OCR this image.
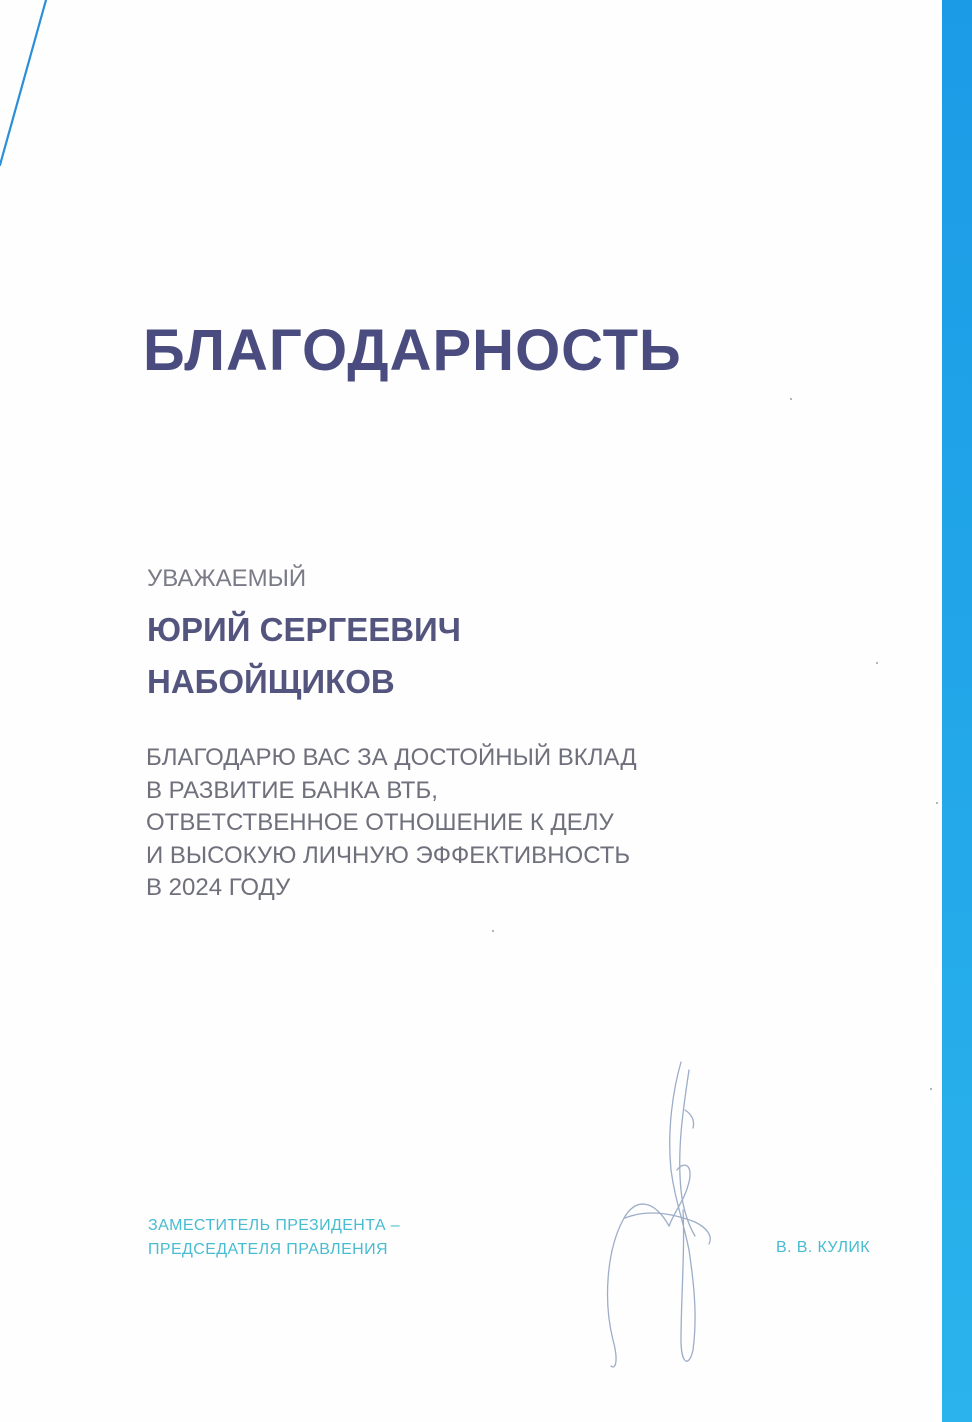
БЛАГОДАРНОСТЬ
УВАЖАЕМЫЙ
ЮРИЙ СЕРГЕЕВИЧ
НАБОЙЩИКОВ
БЛАГОДАРЮ ВАС ЗА ДОСТОЙНЫЙ ВКЛАД
В РАЗВИТИЕ БАНКА ВТБ,
ОТВЕТСТВЕННОЕ ОТНОШЕНИЕ К ДЕЛУ
И ВЫСОКУЮ ЛИЧНУЮ ЭФФЕКТИВНОСТЬ
В 2024 ГОДУ
ЗАМЕСТИТЕЛЬ ПРЕЗИДЕНТА –
ПРЕДСЕДАТЕЛЯ ПРАВЛЕНИЯ	В. В. КУЛИК
